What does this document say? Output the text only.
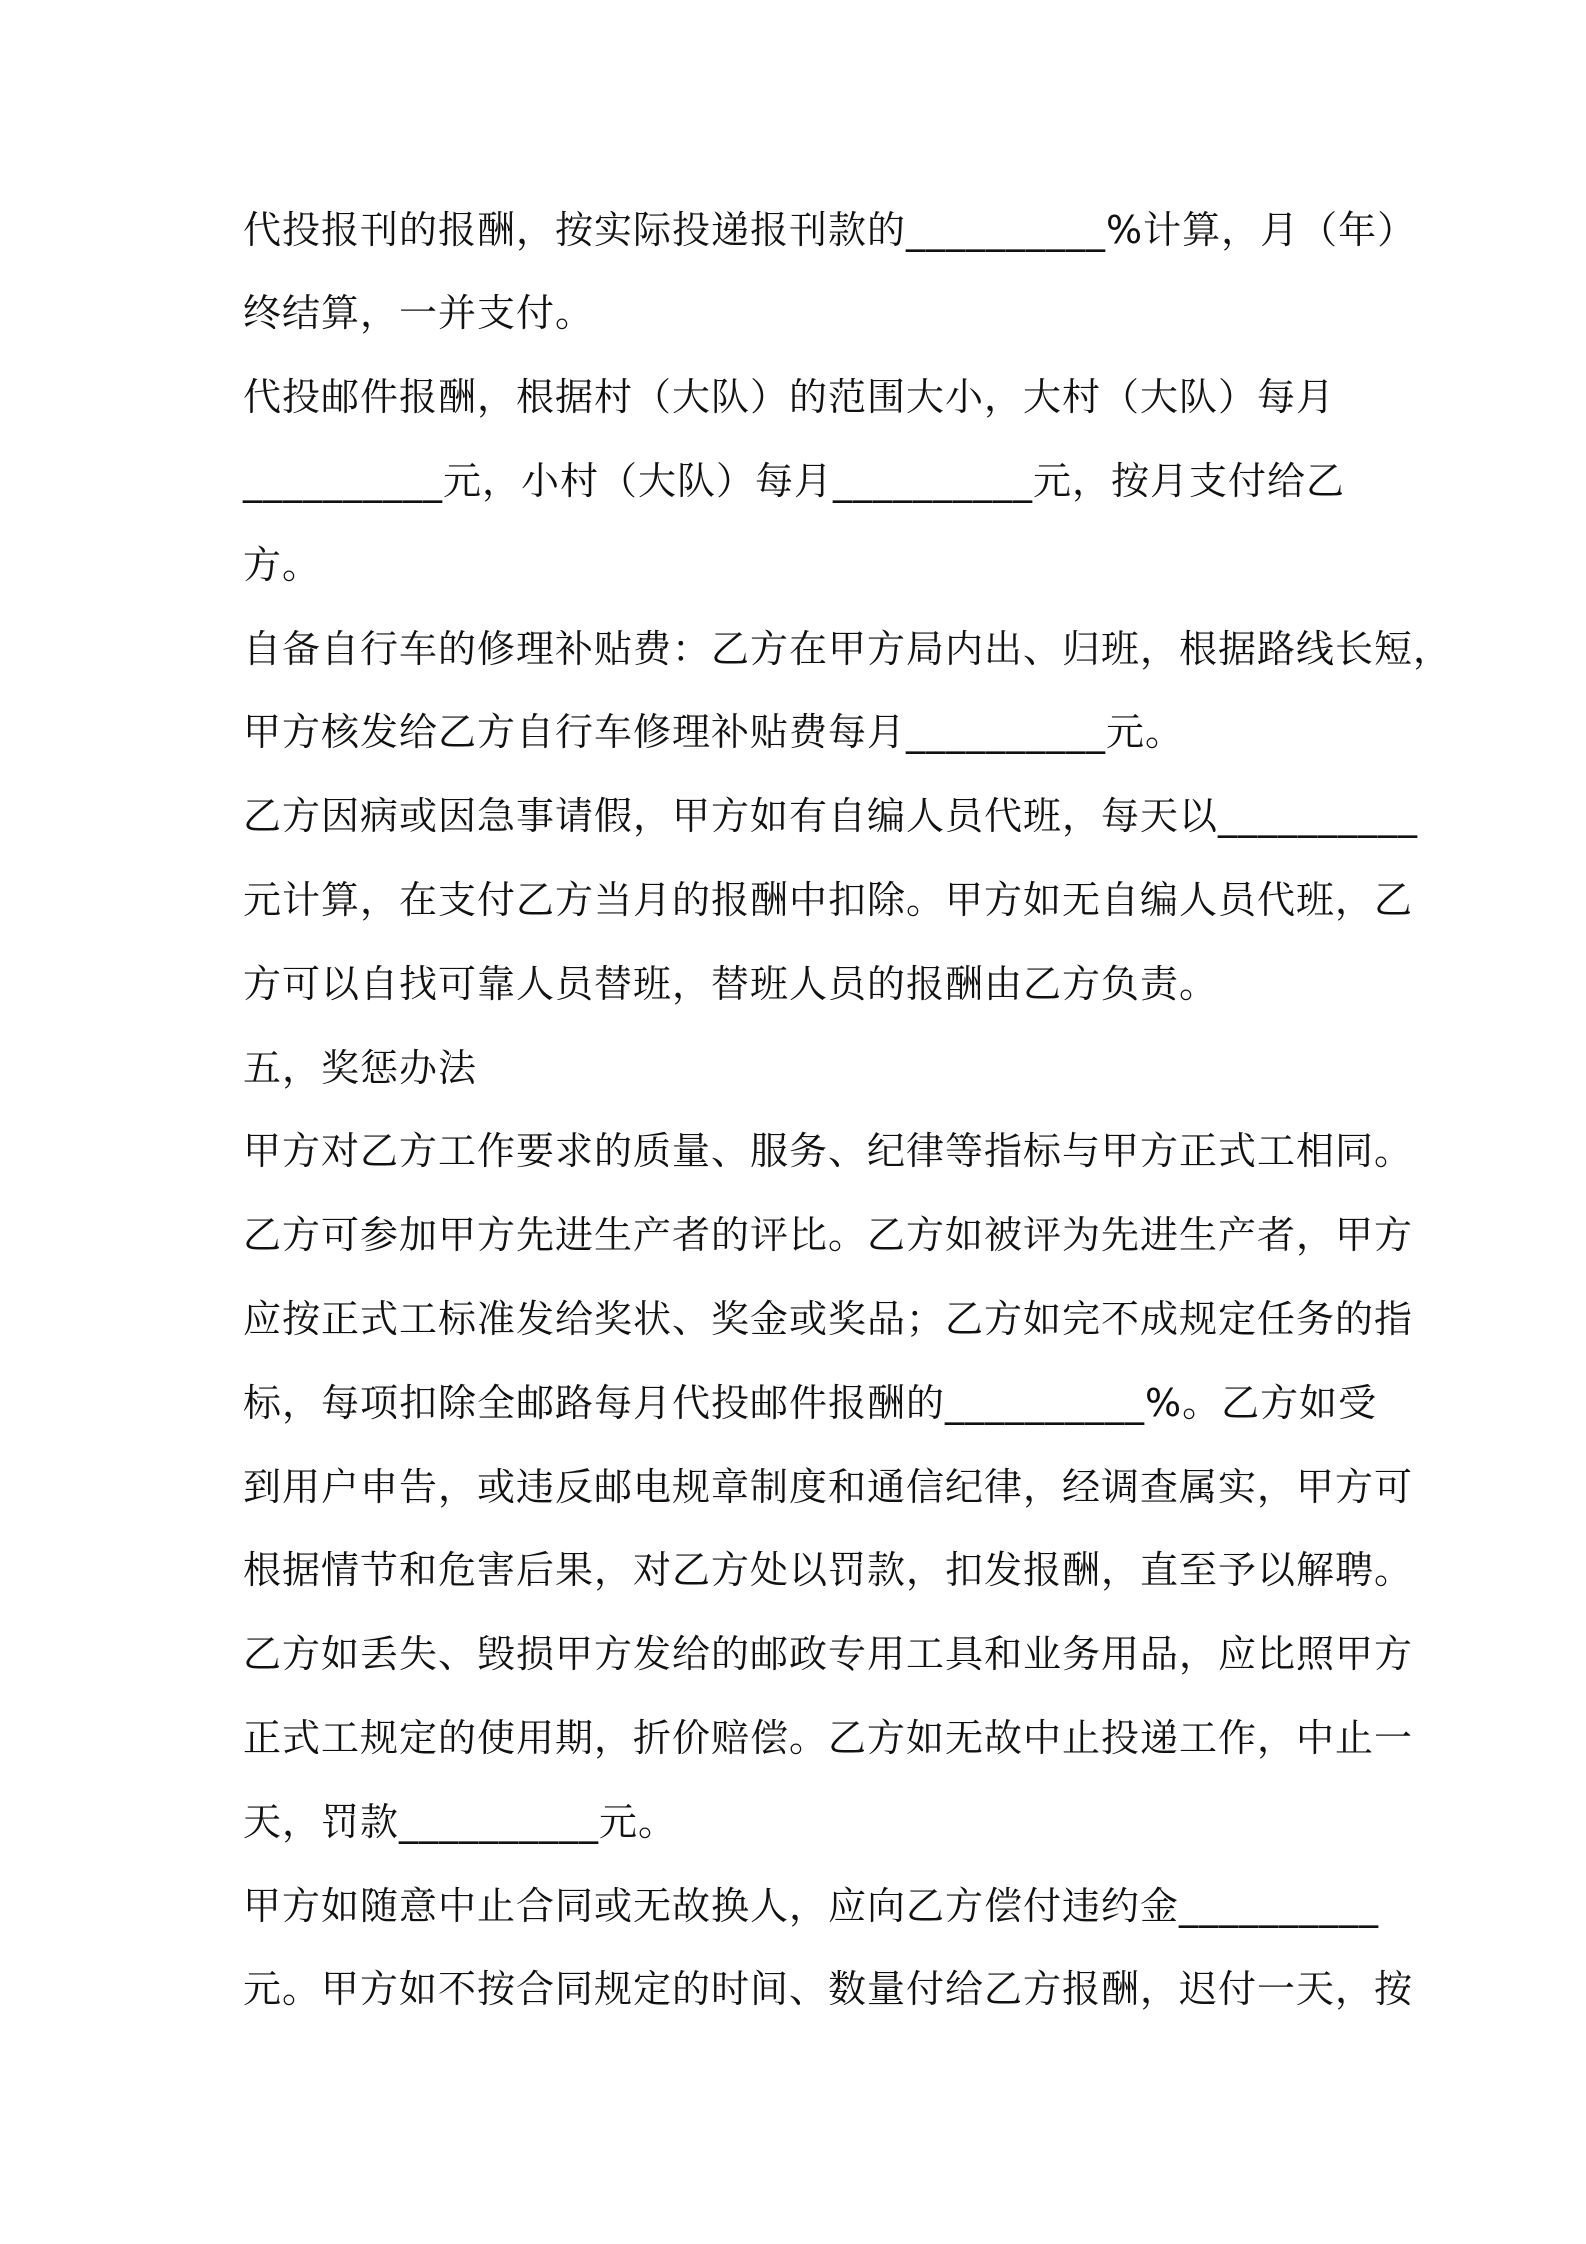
代投报刊的报酬，按实际投递报刊款的__________%计算，月（年）
终结算，一并支付。
代投邮件报酬，根据村（大队）的范围大小，大村（大队）每月
__________元，小村（大队）每月__________元，按月支付给乙
方。
自备自行车的修理补贴费：乙方在甲方局内出、归班，根据路线长短，
甲方核发给乙方自行车修理补贴费每月__________元。
乙方因病或因急事请假，甲方如有自编人员代班，每天以__________
元计算，在支付乙方当月的报酬中扣除。甲方如无自编人员代班，乙
方可以自找可靠人员替班，替班人员的报酬由乙方负责。
五，奖惩办法
甲方对乙方工作要求的质量、服务、纪律等指标与甲方正式工相同。
乙方可参加甲方先进生产者的评比。乙方如被评为先进生产者，甲方
应按正式工标准发给奖状、奖金或奖品；乙方如完不成规定任务的指
标，每项扣除全邮路每月代投邮件报酬的__________%。乙方如受
到用户申告，或违反邮电规章制度和通信纪律，经调查属实，甲方可
根据情节和危害后果，对乙方处以罚款，扣发报酬，直至予以解聘。
乙方如丢失、毁损甲方发给的邮政专用工具和业务用品，应比照甲方
正式工规定的使用期，折价赔偿。乙方如无故中止投递工作，中止一
天，罚款__________元。
甲方如随意中止合同或无故换人，应向乙方偿付违约金__________
元。甲方如不按合同规定的时间、数量付给乙方报酬，迟付一天，按
